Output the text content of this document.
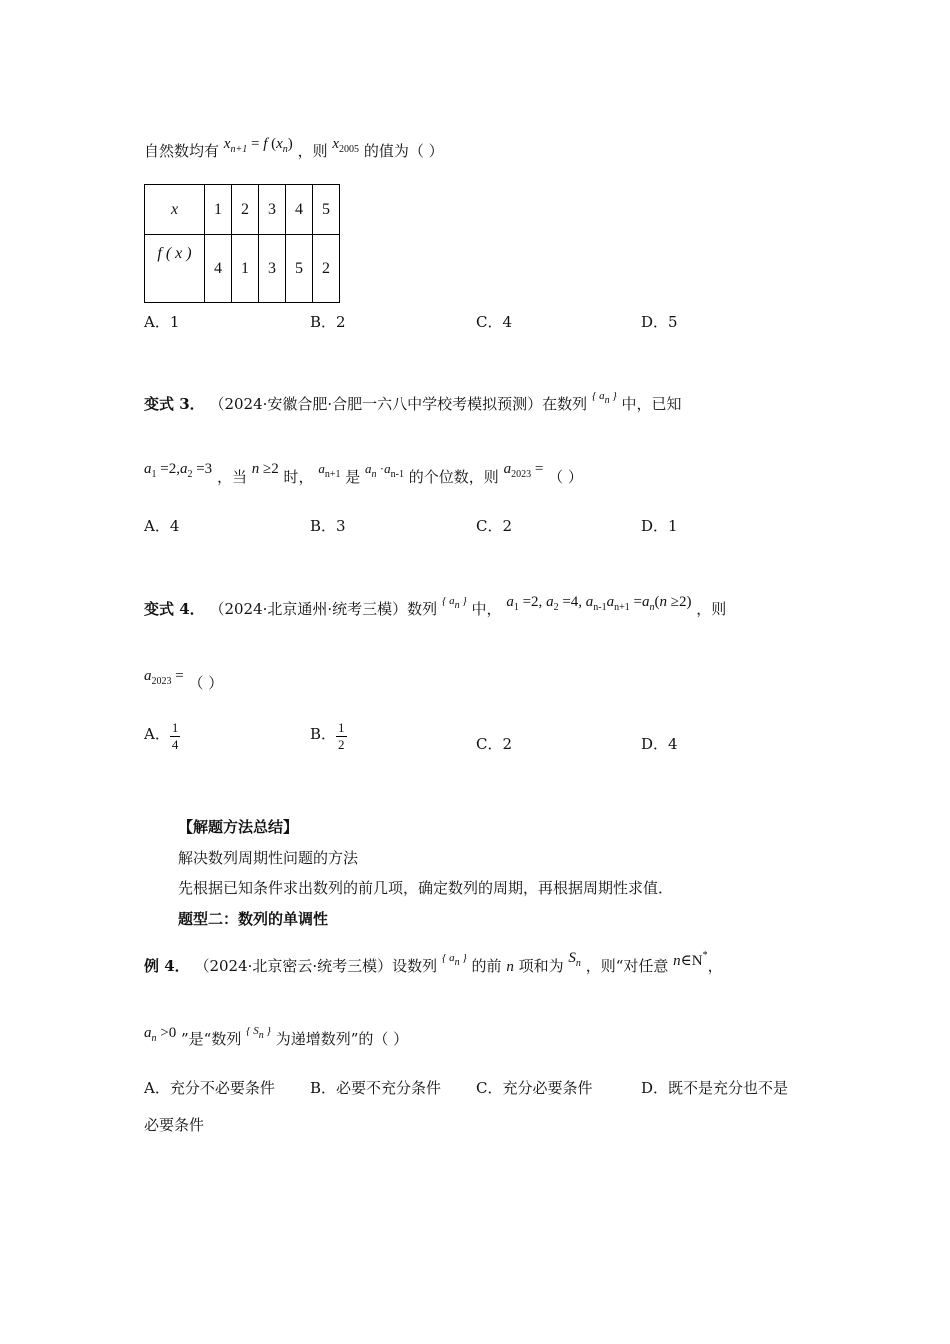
自然数均有 $x_{n+1} = f$ $(x_n)$ ，则 $x_{2005}$ 的值为（ ）
x	1	2	3	4	5
f ( x )	4	1	3	5	2
A．1	B．2	C．4	D．5
变式 3． （2024·安徽合肥·合肥一六八中学校考模拟预测）在数列 $^{\{ an \}}$ 中，已知
$a_1 =2,a_2 =3$ ，当 n ≥2 时， $a_{n+1}$ 是 $a_n \cdot a_{n-1}$ 的个位数，则 $a_{2023}$ = （ ）
A．4	B．3	C．2	D．1
变式 4． （2024·北京通州·统考三模）数列 $^{\{ an \}}$ 中， $a_1 =2$, $a_2 =4$, $a_{n-1}a_{n+1} =a_n(n \ge 2)$ ，则
$a_{2023}$ = （ ）
A． $\frac{1}{4}$	B． $\frac{1}{2}$	C．2	D．4
【解题方法总结】
解决数列周期性问题的方法
先根据已知条件求出数列的前几项，确定数列的周期，再根据周期性求值．
题型二：数列的单调性
例 4． （2024·北京密云·统考三模）设数列 $^{\{ an \}}$ 的前 n 项和为 $S_n$ ，则“对任意 n∈N*，
$a_n >0$ ”是“数列 $^{\{ Sn \}}$ 为递增数列”的（ ）
A．充分不必要条件 B．必要不充分条件 C．充分必要条件	D．既不是充分也不是
必要条件
